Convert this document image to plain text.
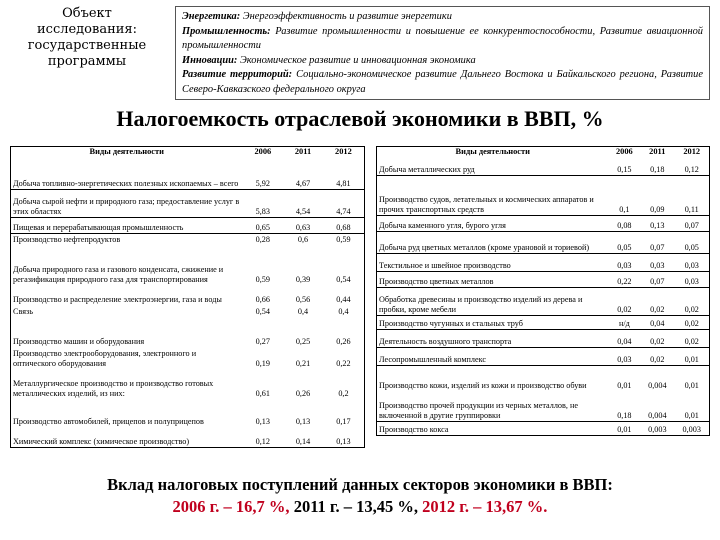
Объект
исследования:
государственные
программы
Энергетика: Энергоэффективность и развитие энергетики
Промышленность: Развитие промышленности и повышение ее конкурентоспособности, Развитие авиационной промышленности
Инновации: Экономическое развитие и инновационная экономика
Развитие территорий: Социально-экономическое развитие Дальнего Востока и Байкальского региона, Развитие Северо-Кавказского федерального округа
Налогоемкость отраслевой экономики в ВВП, %
Виды деятельности	2006	2011	2012
Добыча топливно-энергетических полезных ископаемых – всего	5,92	4,67	4,81
Добыча сырой нефти и природного газа; предоставление услуг в этих областях	5,83	4,54	4,74
Пищевая и перерабатывающая промышленность	0,65	0,63	0,68
Производство нефтепродуктов	0,28	0,6	0,59
Добыча природного газа и газового конденсата, сжижение и регазификация природного газа для транспортирования	0,59	0,39	0,54
Производство и распределение электроэнергии, газа и воды	0,66	0,56	0,44
Связь	0,54	0,4	0,4
Производство машин и оборудования	0,27	0,25	0,26
Производство электрооборудования, электронного и оптического оборудования	0,19	0,21	0,22
Металлургическое производство и производство готовых металлических изделий, из них:	0,61	0,26	0,2
Производство автомобилей, прицепов и полуприцепов	0,13	0,13	0,17
Химический комплекс (химическое производство)	0,12	0,14	0,13
Виды деятельности	2006	2011	2012
Добыча металлических руд	0,15	0,18	0,12
Производство судов, летательных и космических аппаратов и прочих транспортных средств	0,1	0,09	0,11
Добыча каменного угля, бурого угля	0,08	0,13	0,07
Добыча руд цветных металлов (кроме урановой и ториевой)	0,05	0,07	0,05
Текстильное и швейное производство	0,03	0,03	0,03
Производство цветных металлов	0,22	0,07	0,03
Обработка древесины и производство изделий из дерева и пробки, кроме мебели	0,02	0,02	0,02
Производство чугунных и стальных труб	н/д	0,04	0,02
Деятельность воздушного транспорта	0,04	0,02	0,02
Лесопромышленный комплекс	0,03	0,02	0,01
Производство кожи, изделий из кожи и производство обуви	0,01	0,004	0,01
Производство прочей продукции из черных металлов, не включенной в другие группировки	0,18	0,004	0,01
Производство кокса	0,01	0,003	0,003
Вклад налоговых поступлений данных секторов экономики в ВВП:
2006 г. – 16,7 %, 2011 г. – 13,45 %, 2012 г. – 13,67 %.
